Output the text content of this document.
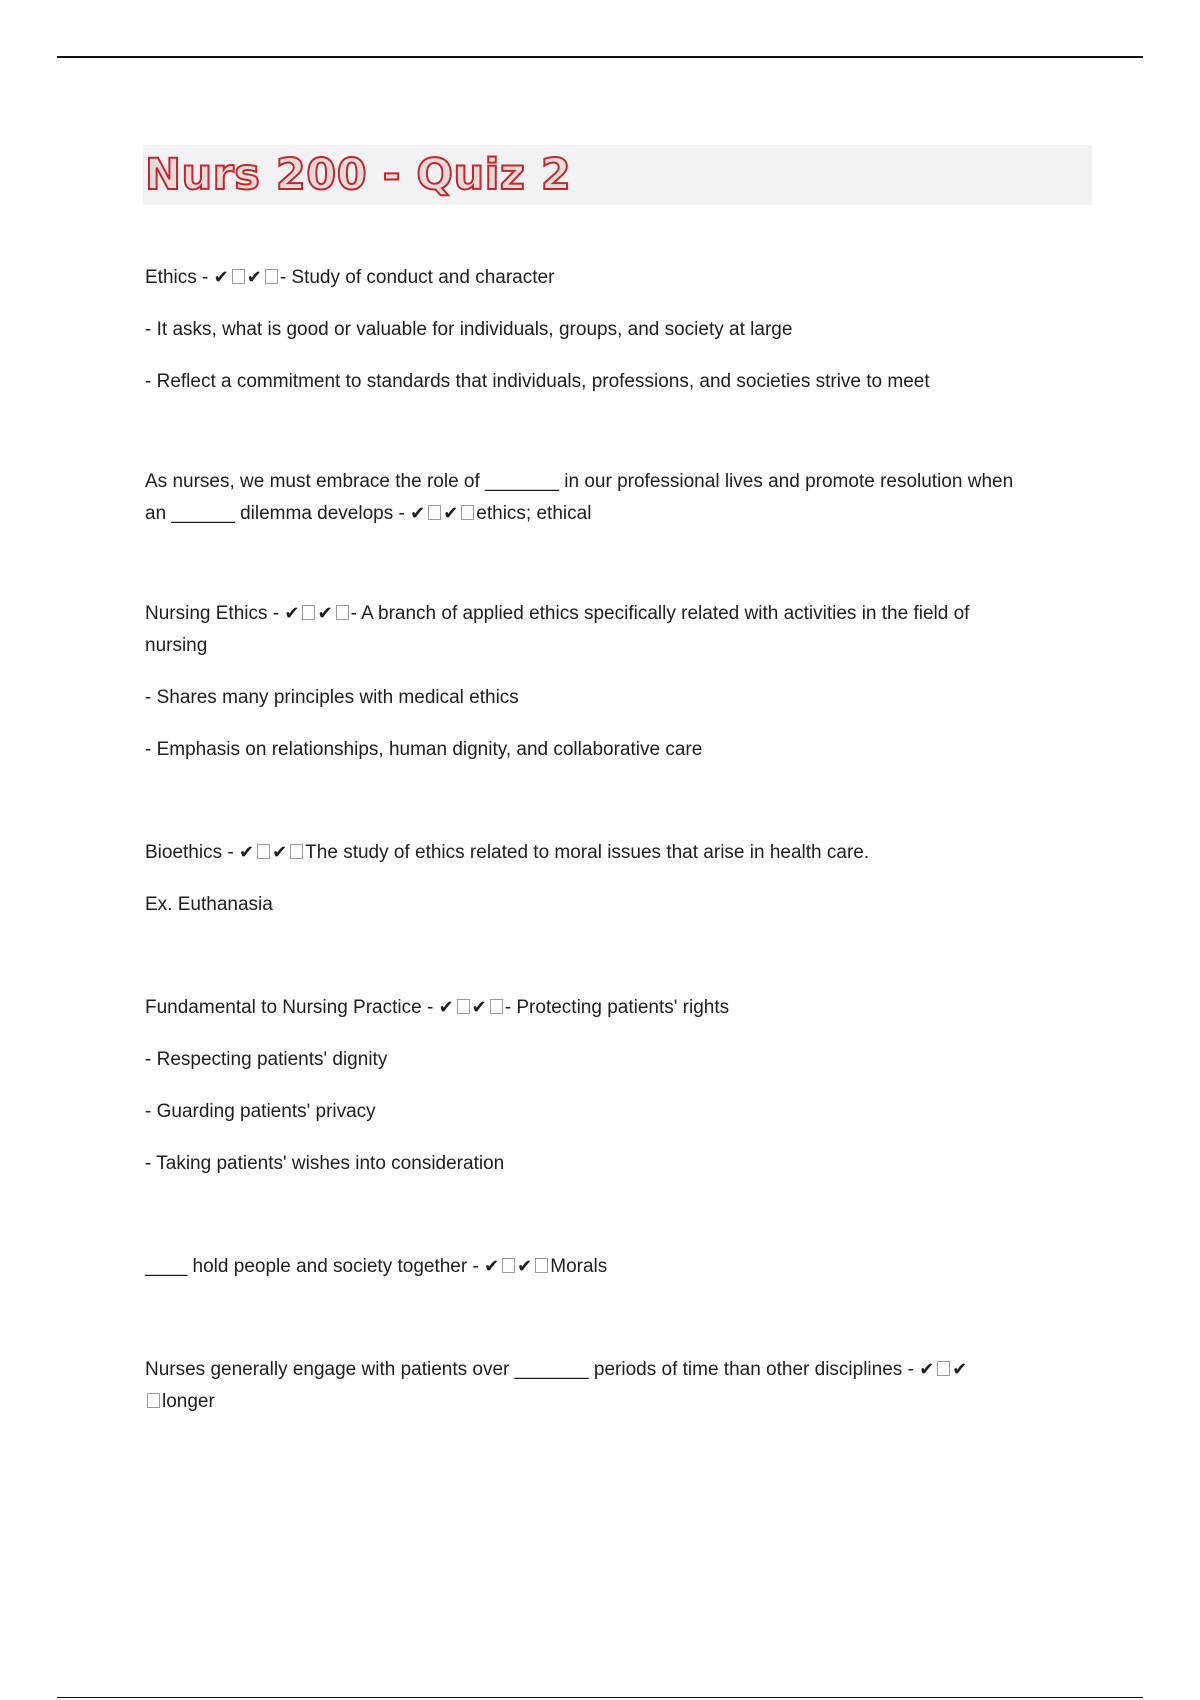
Nurs 200 - Quiz 2

Ethics - ✔ ✔ - Study of conduct and character

- It asks, what is good or valuable for individuals, groups, and society at large

- Reflect a commitment to standards that individuals, professions, and societies strive to meet

As nurses, we must embrace the role of _______ in our professional lives and promote resolution when

an ______ dilemma develops - ✔ ✔ ethics; ethical

Nursing Ethics - ✔ ✔ - A branch of applied ethics specifically related with activities in the field of

nursing

- Shares many principles with medical ethics

- Emphasis on relationships, human dignity, and collaborative care

Bioethics - ✔ ✔ The study of ethics related to moral issues that arise in health care.

Ex. Euthanasia

Fundamental to Nursing Practice - ✔ ✔ - Protecting patients' rights

- Respecting patients' dignity

- Guarding patients' privacy

- Taking patients' wishes into consideration

____ hold people and society together - ✔ ✔ Morals

Nurses generally engage with patients over _______ periods of time than other disciplines - ✔ ✔

longer
